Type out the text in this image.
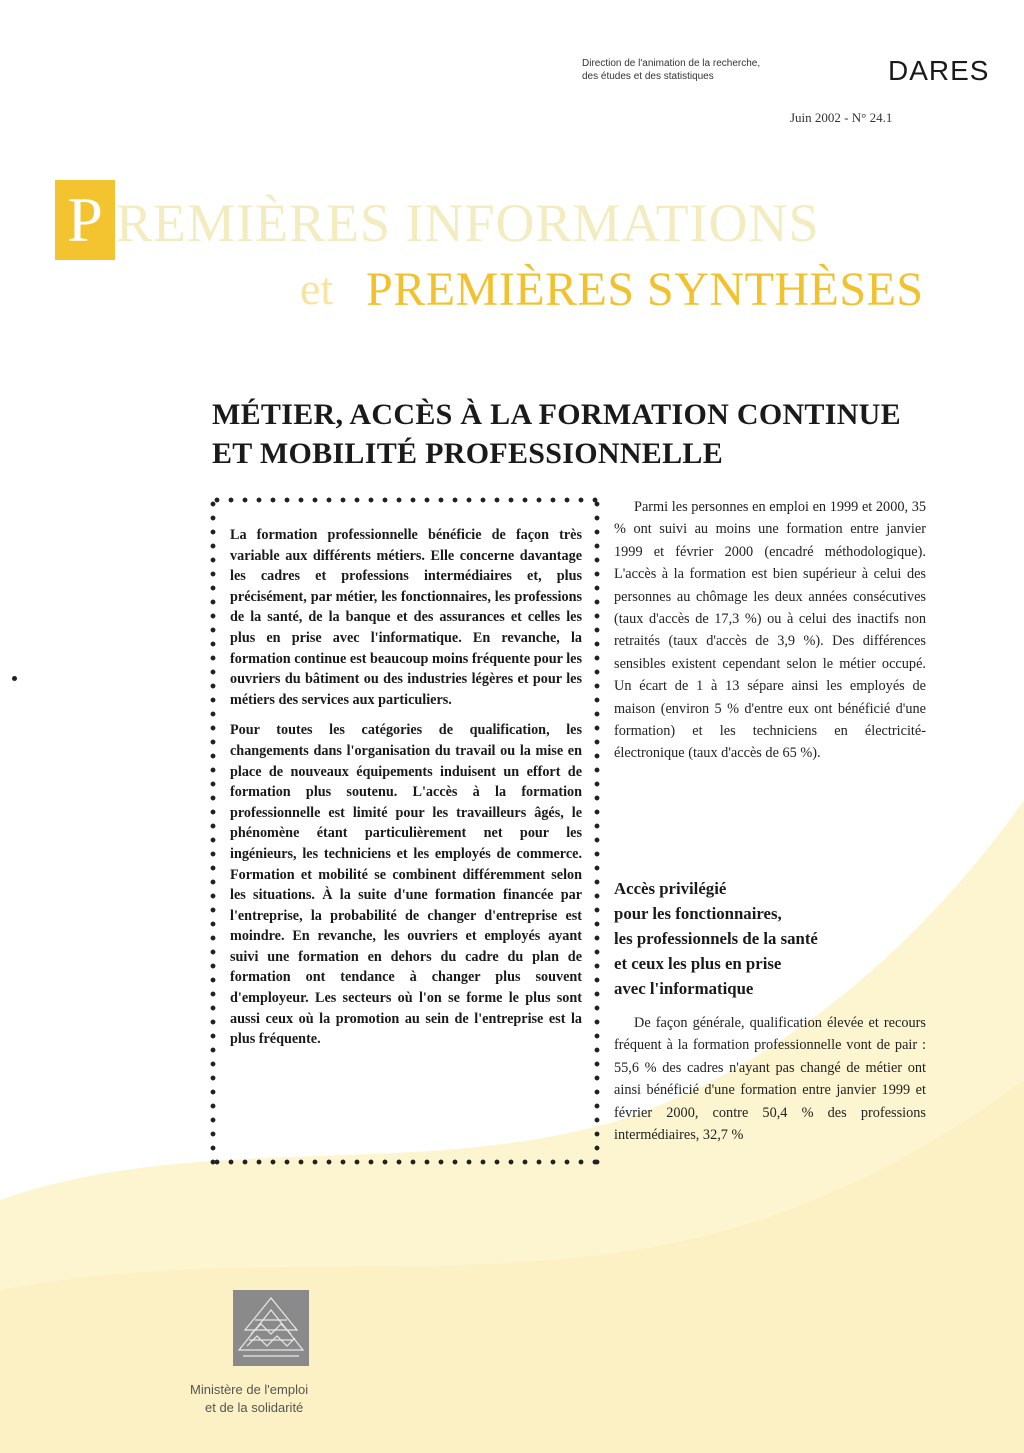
Direction de l'animation de la recherche,
des études et des statistiques	DARES
Juin 2002 - N° 24.1
P REMIÈRES INFORMATIONS
et PREMIÈRES SYNTHÈSES
MÉTIER, ACCÈS À LA FORMATION CONTINUE
ET MOBILITÉ PROFESSIONNELLE

La formation professionnelle bénéficie de façon très variable aux différents métiers. Elle concerne davantage les cadres et professions intermédiaires et, plus précisément, par métier, les fonctionnaires, les professions de la santé, de la banque et des assurances et celles les plus en prise avec l'informatique. En revanche, la formation continue est beaucoup moins fréquente pour les ouvriers du bâtiment ou des industries légères et pour les métiers des services aux particuliers.

Pour toutes les catégories de qualification, les changements dans l'organisation du travail ou la mise en place de nouveaux équipements induisent un effort de formation plus soutenu. L'accès à la formation professionnelle est limité pour les travailleurs âgés, le phénomène étant particulièrement net pour les ingénieurs, les techniciens et les employés de commerce. Formation et mobilité se combinent différemment selon les situations. À la suite d'une formation financée par l'entreprise, la probabilité de changer d'entreprise est moindre. En revanche, les ouvriers et employés ayant suivi une formation en dehors du cadre du plan de formation ont tendance à changer plus souvent d'employeur. Les secteurs où l'on se forme le plus sont aussi ceux où la promotion au sein de l'entreprise est la plus fréquente.

Parmi les personnes en emploi en 1999 et 2000, 35 % ont suivi au moins une formation entre janvier 1999 et février 2000 (encadré méthodologique). L'accès à la formation est bien supérieur à celui des personnes au chômage les deux années consécutives (taux d'accès de 17,3 %) ou à celui des inactifs non retraités (taux d'accès de 3,9 %). Des différences sensibles existent cependant selon le métier occupé. Un écart de 1 à 13 sépare ainsi les employés de maison (environ 5 % d'entre eux ont bénéficié d'une formation) et les techniciens en électricité-électronique (taux d'accès de 65 %).

Accès privilégié
pour les fonctionnaires,
les professionnels de la santé
et ceux les plus en prise
avec l'informatique

De façon générale, qualification élevée et recours fréquent à la formation professionnelle vont de pair : 55,6 % des cadres n'ayant pas changé de métier ont ainsi bénéficié d'une formation entre janvier 1999 et février 2000, contre 50,4 % des professions intermédiaires, 32,7 %

Ministère de l'emploi
et de la solidarité
